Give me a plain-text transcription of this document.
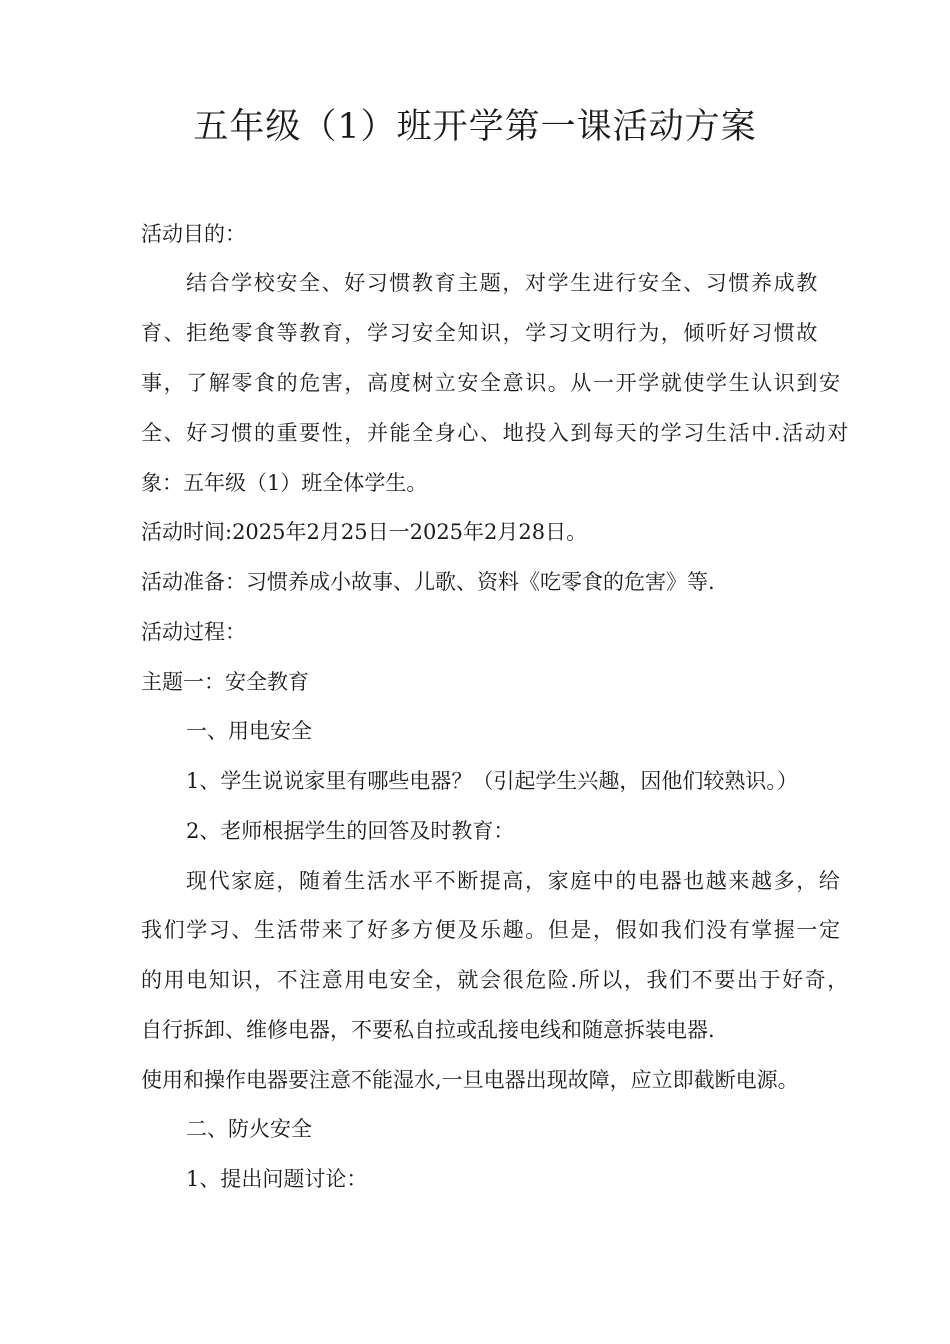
五年级（1）班开学第一课活动方案
活动目的：
结合学校安全、好习惯教育主题，对学生进行安全、习惯养成教
育、拒绝零食等教育，学习安全知识，学习文明行为，倾听好习惯故
事，了解零食的危害，高度树立安全意识。从一开学就使学生认识到安
全、好习惯的重要性，并能全身心、地投入到每天的学习生活中.活动对
象：五年级（1）班全体学生。
活动时间:2025年2月25日一2025年2月28日。
活动准备：习惯养成小故事、儿歌、资料《吃零食的危害》等.
活动过程：
主题一：安全教育
一、用电安全
1、学生说说家里有哪些电器？（引起学生兴趣，因他们较熟识。）
2、老师根据学生的回答及时教育：
现代家庭，随着生活水平不断提高，家庭中的电器也越来越多，给
我们学习、生活带来了好多方便及乐趣。但是，假如我们没有掌握一定
的用电知识，不注意用电安全，就会很危险.所以，我们不要出于好奇，
自行拆卸、维修电器，不要私自拉或乱接电线和随意拆装电器.
使用和操作电器要注意不能湿水,一旦电器出现故障，应立即截断电源。
二、防火安全
1、提出问题讨论：
